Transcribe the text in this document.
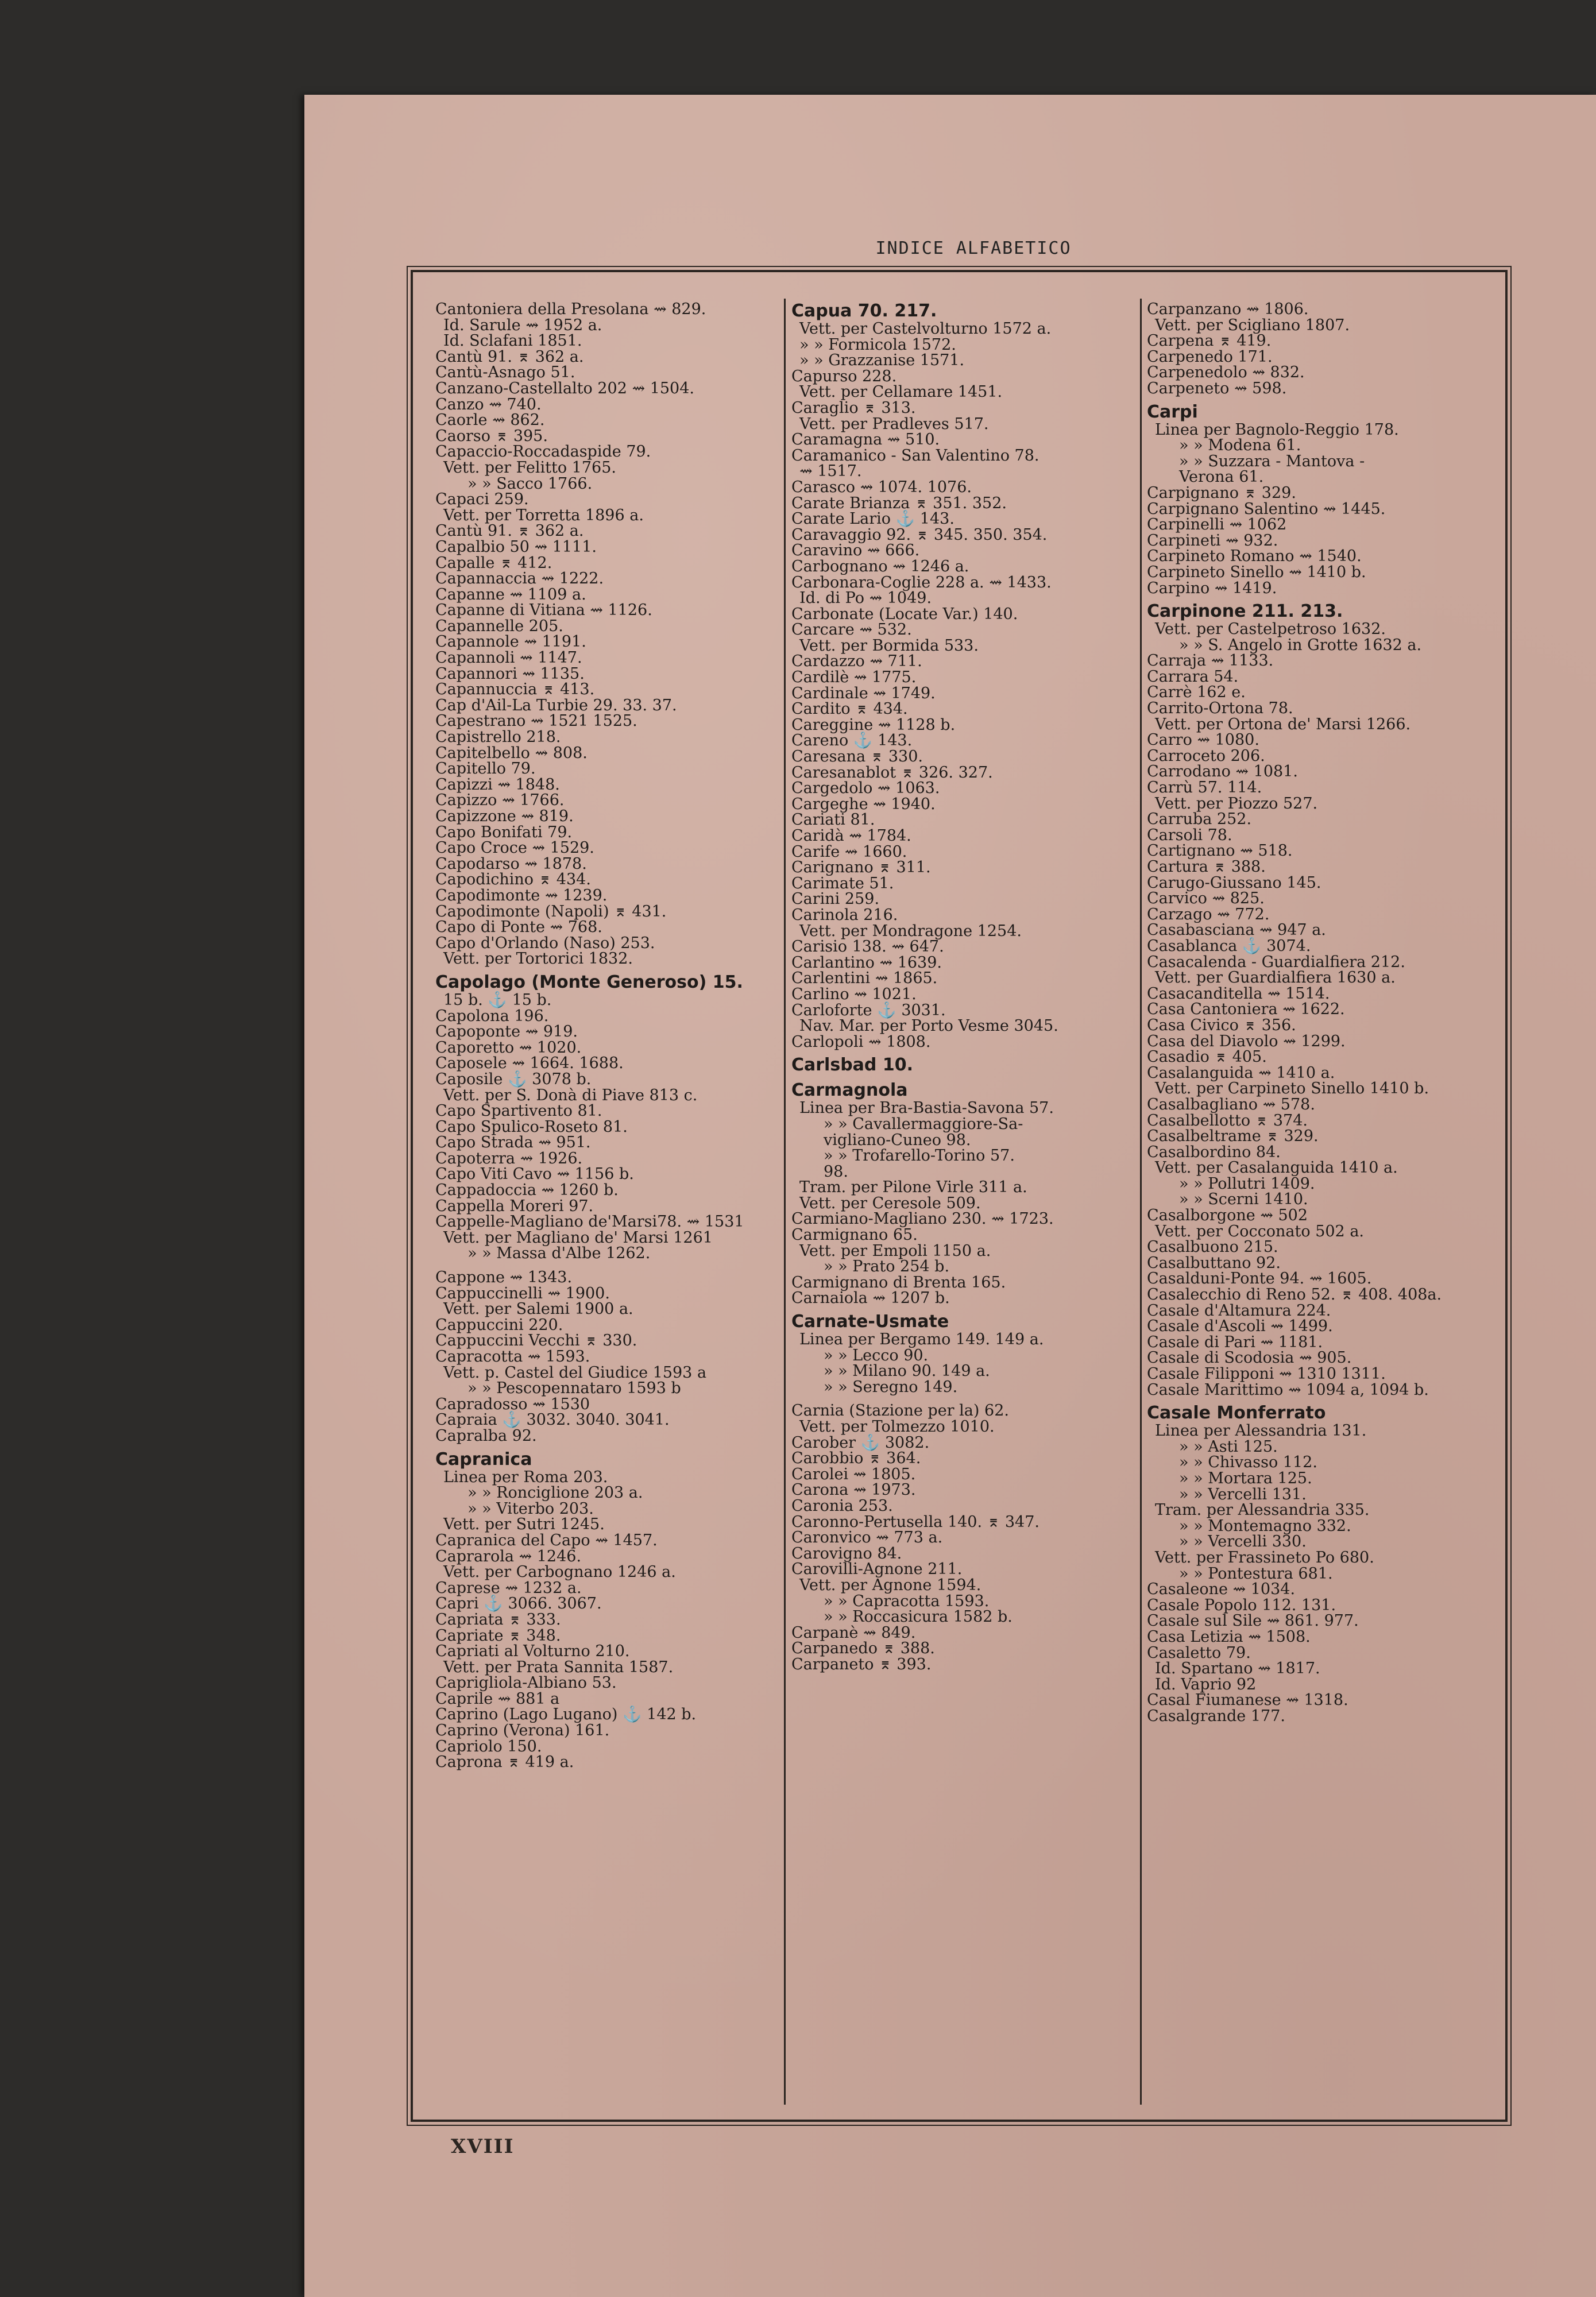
INDICE ALFABETICO
Cantoniera della Presolana ⇝ 829.
Id. Sarule ⇝ 1952 a.
Id. Sclafani 1851.
Cantù 91. ⌆ 362 a.
Cantù-Asnago 51.
Canzano-Castellalto 202 ⇝ 1504.
Canzo ⇝ 740.
Caorle ⇝ 862.
Caorso ⌆ 395.
Capaccio-Roccadaspide 79.
Vett. per Felitto 1765.
» » Sacco 1766.
Capaci 259.
Vett. per Torretta 1896 a.
Cantù 91. ⌆ 362 a.
Capalbio 50 ⇝ 1111.
Capalle ⌆ 412.
Capannaccia ⇝ 1222.
Capanne ⇝ 1109 a.
Capanne di Vitiana ⇝ 1126.
Capannelle 205.
Capannole ⇝ 1191.
Capannoli ⇝ 1147.
Capannori ⇝ 1135.
Capannuccia ⌆ 413.
Cap d'Ail-La Turbie 29. 33. 37.
Capestrano ⇝ 1521 1525.
Capistrello 218.
Capitelbello ⇝ 808.
Capitello 79.
Capizzi ⇝ 1848.
Capizzo ⇝ 1766.
Capizzone ⇝ 819.
Capo Bonifati 79.
Capo Croce ⇝ 1529.
Capodarso ⇝ 1878.
Capodichino ⌆ 434.
Capodimonte ⇝ 1239.
Capodimonte (Napoli) ⌆ 431.
Capo di Ponte ⇝ 768.
Capo d'Orlando (Naso) 253.
Vett. per Tortorici 1832.
Capolago (Monte Generoso) 15.
15 b. ⚓ 15 b.
Capolona 196.
Capoponte ⇝ 919.
Caporetto ⇝ 1020.
Caposele ⇝ 1664. 1688.
Caposile ⚓ 3078 b.
Vett. per S. Donà di Piave 813 c.
Capo Spartivento 81.
Capo Spulico-Roseto 81.
Capo Strada ⇝ 951.
Capoterra ⇝ 1926.
Capo Viti Cavo ⇝ 1156 b.
Cappadoccia ⇝ 1260 b.
Cappella Moreri 97.
Cappelle-Magliano de'Marsi78. ⇝ 1531
Vett. per Magliano de' Marsi 1261
» » Massa d'Albe 1262.
Cappone ⇝ 1343.
Cappuccinelli ⇝ 1900.
Vett. per Salemi 1900 a.
Cappuccini 220.
Cappuccini Vecchi ⌆ 330.
Capracotta ⇝ 1593.
Vett. p. Castel del Giudice 1593 a
» » Pescopennataro 1593 b
Capradosso ⇝ 1530
Capraia ⚓ 3032. 3040. 3041.
Capralba 92.
Capranica
Linea per Roma 203.
» » Ronciglione 203 a.
» » Viterbo 203.
Vett. per Sutri 1245.
Capranica del Capo ⇝ 1457.
Caprarola ⇝ 1246.
Vett. per Carbognano 1246 a.
Caprese ⇝ 1232 a.
Capri ⚓ 3066. 3067.
Capriata ⌆ 333.
Capriate ⌆ 348.
Capriati al Volturno 210.
Vett. per Prata Sannita 1587.
Caprigliola-Albiano 53.
Caprile ⇝ 881 a
Caprino (Lago Lugano) ⚓ 142 b.
Caprino (Verona) 161.
Capriolo 150.
Caprona ⌆ 419 a.
Capua 70. 217.
Vett. per Castelvolturno 1572 a.
» » Formicola 1572.
» » Grazzanise 1571.
Capurso 228.
Vett. per Cellamare 1451.
Caraglio ⌆ 313.
Vett. per Pradleves 517.
Caramagna ⇝ 510.
Caramanico - San Valentino 78.
⇝ 1517.
Carasco ⇝ 1074. 1076.
Carate Brianza ⌆ 351. 352.
Carate Lario ⚓ 143.
Caravaggio 92. ⌆ 345. 350. 354.
Caravino ⇝ 666.
Carbognano ⇝ 1246 a.
Carbonara-Coglie 228 a. ⇝ 1433.
Id. di Po ⇝ 1049.
Carbonate (Locate Var.) 140.
Carcare ⇝ 532.
Vett. per Bormida 533.
Cardazzo ⇝ 711.
Cardilè ⇝ 1775.
Cardinale ⇝ 1749.
Cardito ⌆ 434.
Careggine ⇝ 1128 b.
Careno ⚓ 143.
Caresana ⌆ 330.
Caresanablot ⌆ 326. 327.
Cargedolo ⇝ 1063.
Cargeghe ⇝ 1940.
Cariati 81.
Caridà ⇝ 1784.
Carife ⇝ 1660.
Carignano ⌆ 311.
Carimate 51.
Carini 259.
Carinola 216.
Vett. per Mondragone 1254.
Carisio 138. ⇝ 647.
Carlantino ⇝ 1639.
Carlentini ⇝ 1865.
Carlino ⇝ 1021.
Carloforte ⚓ 3031.
Nav. Mar. per Porto Vesme 3045.
Carlopoli ⇝ 1808.
Carlsbad 10.
Carmagnola
Linea per Bra-Bastia-Savona 57.
» » Cavallermaggiore-Sa-
vigliano-Cuneo 98.
» » Trofarello-Torino 57.
98.
Tram. per Pilone Virle 311 a.
Vett. per Ceresole 509.
Carmiano-Magliano 230. ⇝ 1723.
Carmignano 65.
Vett. per Empoli 1150 a.
» » Prato 254 b.
Carmignano di Brenta 165.
Carnaiola ⇝ 1207 b.
Carnate-Usmate
Linea per Bergamo 149. 149 a.
» » Lecco 90.
» » Milano 90. 149 a.
» » Seregno 149.
Carnia (Stazione per la) 62.
Vett. per Tolmezzo 1010.
Carober ⚓ 3082.
Carobbio ⌆ 364.
Carolei ⇝ 1805.
Carona ⇝ 1973.
Caronia 253.
Caronno-Pertusella 140. ⌆ 347.
Caronvico ⇝ 773 a.
Carovigno 84.
Carovilli-Agnone 211.
Vett. per Agnone 1594.
» » Capracotta 1593.
» » Roccasicura 1582 b.
Carpanè ⇝ 849.
Carpanedo ⌆ 388.
Carpaneto ⌆ 393.
Carpanzano ⇝ 1806.
Vett. per Scigliano 1807.
Carpena ⌆ 419.
Carpenedo 171.
Carpenedolo ⇝ 832.
Carpeneto ⇝ 598.
Carpi
Linea per Bagnolo-Reggio 178.
» » Modena 61.
» » Suzzara - Mantova -
Verona 61.
Carpignano ⌆ 329.
Carpignano Salentino ⇝ 1445.
Carpinelli ⇝ 1062
Carpineti ⇝ 932.
Carpineto Romano ⇝ 1540.
Carpineto Sinello ⇝ 1410 b.
Carpino ⇝ 1419.
Carpinone 211. 213.
Vett. per Castelpetroso 1632.
» » S. Angelo in Grotte 1632 a.
Carraja ⇝ 1133.
Carrara 54.
Carrè 162 e.
Carrito-Ortona 78.
Vett. per Ortona de' Marsi 1266.
Carro ⇝ 1080.
Carroceto 206.
Carrodano ⇝ 1081.
Carrù 57. 114.
Vett. per Piozzo 527.
Carruba 252.
Carsoli 78.
Cartignano ⇝ 518.
Cartura ⌆ 388.
Carugo-Giussano 145.
Carvico ⇝ 825.
Carzago ⇝ 772.
Casabasciana ⇝ 947 a.
Casablanca ⚓ 3074.
Casacalenda - Guardialfiera 212.
Vett. per Guardialfiera 1630 a.
Casacanditella ⇝ 1514.
Casa Cantoniera ⇝ 1622.
Casa Civico ⌆ 356.
Casa del Diavolo ⇝ 1299.
Casadio ⌆ 405.
Casalanguida ⇝ 1410 a.
Vett. per Carpineto Sinello 1410 b.
Casalbagliano ⇝ 578.
Casalbellotto ⌆ 374.
Casalbeltrame ⌆ 329.
Casalbordino 84.
Vett. per Casalanguida 1410 a.
» » Pollutri 1409.
» » Scerni 1410.
Casalborgone ⇝ 502
Vett. per Cocconato 502 a.
Casalbuono 215.
Casalbuttano 92.
Casalduni-Ponte 94. ⇝ 1605.
Casalecchio di Reno 52. ⌆ 408. 408a.
Casale d'Altamura 224.
Casale d'Ascoli ⇝ 1499.
Casale di Pari ⇝ 1181.
Casale di Scodosia ⇝ 905.
Casale Filipponi ⇝ 1310 1311.
Casale Marittimo ⇝ 1094 a, 1094 b.
Casale Monferrato
Linea per Alessandria 131.
» » Asti 125.
» » Chivasso 112.
» » Mortara 125.
» » Vercelli 131.
Tram. per Alessandria 335.
» » Montemagno 332.
» » Vercelli 330.
Vett. per Frassineto Po 680.
» » Pontestura 681.
Casaleone ⇝ 1034.
Casale Popolo 112. 131.
Casale sul Sile ⇝ 861. 977.
Casa Letizia ⇝ 1508.
Casaletto 79.
Id. Spartano ⇝ 1817.
Id. Vaprio 92
Casal Fiumanese ⇝ 1318.
Casalgrande 177.
XVIII
